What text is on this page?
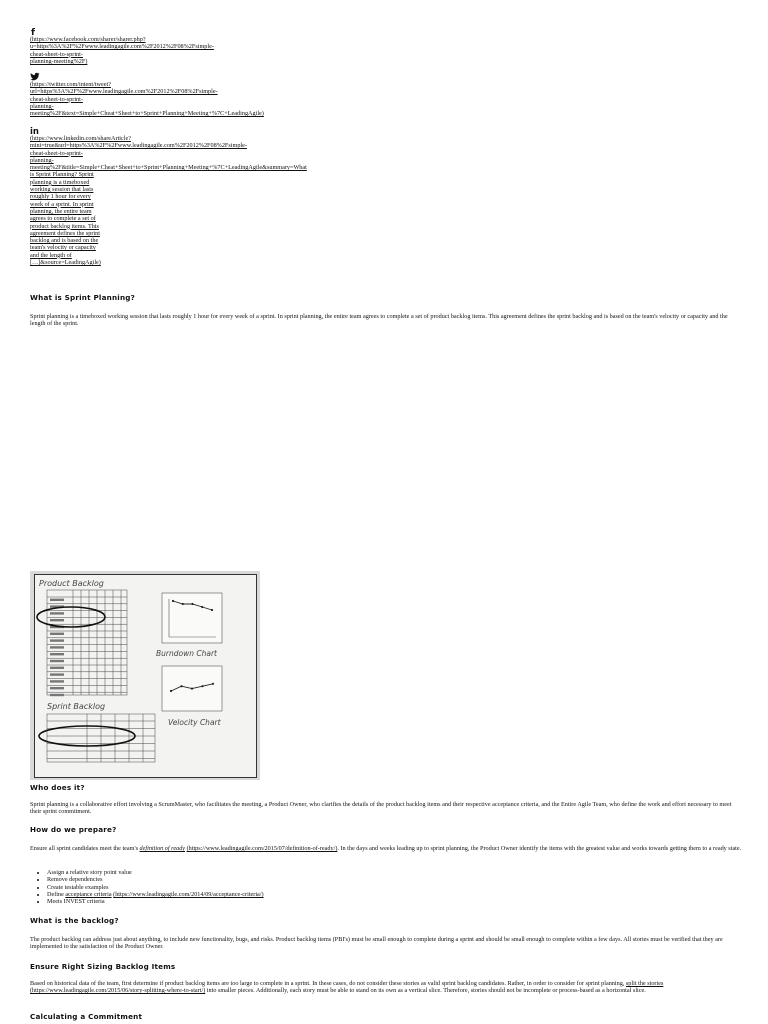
f
(https://www.facebook.com/sharer/sharer.php?
u=https%3A%2F%2Fwww.leadingagile.com%2F2012%2F08%2Fsimple-
cheat-sheet-to-sprint-
planning-meeting%2F)
(https://twitter.com/intent/tweet?
url=https%3A%2F%2Fwww.leadingagile.com%2F2012%2F08%2Fsimple-
cheat-sheet-to-sprint-
planning-
meeting%2F&text=Simple+Cheat+Sheet+to+Sprint+Planning+Meeting+%7C+LeadingAgile)
in
(https://www.linkedin.com/shareArticle?
mini=true&url=https%3A%2F%2Fwww.leadingagile.com%2F2012%2F08%2Fsimple-
cheat-sheet-to-sprint-
planning-
meeting%2F&title=Simple+Cheat+Sheet+to+Sprint+Planning+Meeting+%7C+LeadingAgile&summary=What
is Sprint Planning? Sprint
planning is a timeboxed
working session that lasts
roughly 1 hour for every
week of a sprint. In sprint
planning, the entire team
agrees to complete a set of
product backlog items. This
agreement defines the sprint
backlog and is based on the
team's velocity or capacity
and the length of
[…]&source=LeadingAgile)
What is Sprint Planning?
Sprint planning is a timeboxed working session that lasts roughly 1 hour for every week of a sprint. In sprint planning, the entire team agrees to complete a set of product backlog items. This agreement defines the sprint backlog and is based on the team's velocity or capacity and the length of the sprint.
Product Backlog
Sprint Backlog
Burndown Chart
Velocity Chart
Who does it?
Sprint planning is a collaborative effort involving a ScrumMaster, who facilitates the meeting, a Product Owner, who clarifies the details of the product backlog items and their respective acceptance criteria, and the Entire Agile Team, who define the work and effort necessary to meet their sprint commitment.
How do we prepare?
Ensure all sprint candidates meet the team's definition of ready (https://www.leadingagile.com/2015/07/definition-of-ready/). In the days and weeks leading up to sprint planning, the Product Owner identify the items with the greatest value and works towards getting them to a ready state.
• Assign a relative story point value
• Remove dependencies
• Create testable examples
• Define acceptance criteria (https://www.leadingagile.com/2014/09/acceptance-criteria/)
• Meets INVEST criteria
What is the backlog?
The product backlog can address just about anything, to include new functionality, bugs, and risks. Product backlog items (PBI's) must be small enough to complete during a sprint and should be small enough to complete within a few days. All stories must be verified that they are implemented to the satisfaction of the Product Owner.
Ensure Right Sizing Backlog Items
Based on historical data of the team, first determine if product backlog items are too large to complete in a sprint. In these cases, do not consider these stories as valid sprint backlog candidates. Rather, in order to consider for sprint planning, split the stories (https://www.leadingagile.com/2015/06/story-splitting-where-to-start/) into smaller pieces. Additionally, each story must be able to stand on its own as a vertical slice. Therefore, stories should not be incomplete or process-based as a horizontal slice.
Calculating a Commitment
